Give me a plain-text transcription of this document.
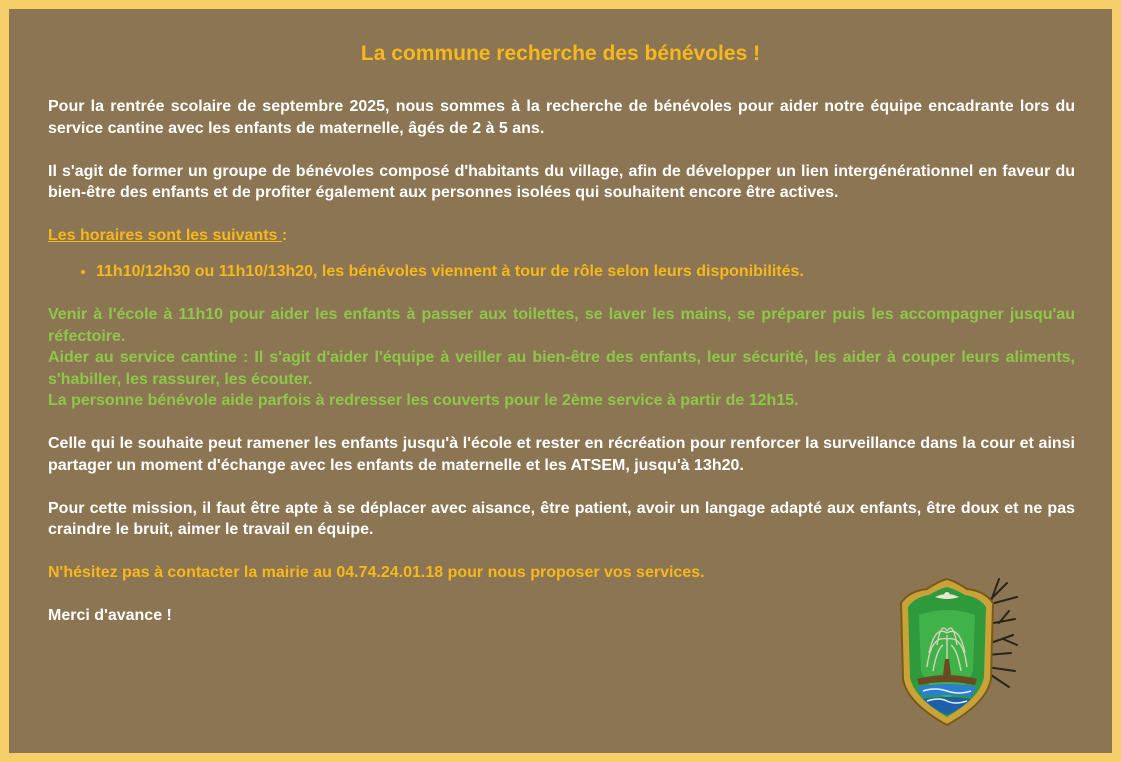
La commune recherche des bénévoles !

Pour la rentrée scolaire de septembre 2025, nous sommes à la recherche de bénévoles pour aider notre équipe encadrante lors du service cantine avec les enfants de maternelle, âgés de 2 à 5 ans.

Il s'agit de former un groupe de bénévoles composé d'habitants du village, afin de développer un lien intergénérationnel en faveur du bien-être des enfants et de profiter également aux personnes isolées qui souhaitent encore être actives.

Les horaires sont les suivants :

• 11h10/12h30 ou 11h10/13h20, les bénévoles viennent à tour de rôle selon leurs disponibilités.

Venir à l'école à 11h10 pour aider les enfants à passer aux toilettes, se laver les mains, se préparer puis les accompagner jusqu'au réfectoire.
Aider au service cantine : Il s'agit d'aider l'équipe à veiller au bien-être des enfants, leur sécurité, les aider à couper leurs aliments, s'habiller, les rassurer, les écouter.
La personne bénévole aide parfois à redresser les couverts pour le 2ème service à partir de 12h15.

Celle qui le souhaite peut ramener les enfants jusqu'à l'école et rester en récréation pour renforcer la surveillance dans la cour et ainsi partager un moment d'échange avec les enfants de maternelle et les ATSEM, jusqu'à 13h20.

Pour cette mission, il faut être apte à se déplacer avec aisance, être patient, avoir un langage adapté aux enfants, être doux et ne pas craindre le bruit, aimer le travail en équipe.

N'hésitez pas à contacter la mairie au 04.74.24.01.18 pour nous proposer vos services.

Merci d'avance !
